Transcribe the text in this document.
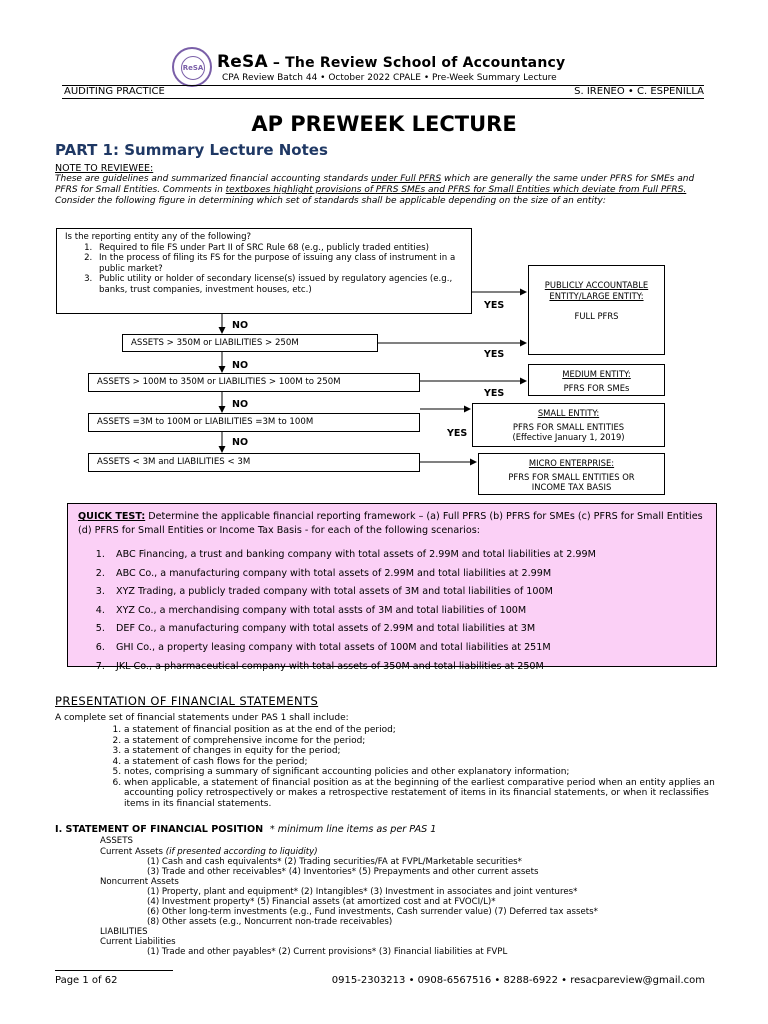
ReSA ReSA – The Review School of Accountancy
CPA Review Batch 44 • October 2022 CPALE • Pre-Week Summary Lecture
AUDITING PRACTICE	S. IRENEO • C. ESPENILLA
AP PREWEEK LECTURE
PART 1: Summary Lecture Notes
NOTE TO REVIEWEE:
These are guidelines and summarized financial accounting standards under Full PFRS which are generally the same under PFRS for SMEs and PFRS for Small Entities. Comments in textboxes highlight provisions of PFRS SMEs and PFRS for Small Entities which deviate from Full PFRS. Consider the following figure in determining which set of standards shall be applicable depending on the size of an entity:
Is the reporting entity any of the following?
1. Required to file FS under Part II of SRC Rule 68 (e.g., publicly traded entities)
2. In the process of filing its FS for the purpose of issuing any class of instrument in a public market?
3. Public utility or holder of secondary license(s) issued by regulatory agencies (e.g., banks, trust companies, investment houses, etc.)
ASSETS > 350M or LIABILITIES > 250M
ASSETS > 100M to 350M or LIABILITIES > 100M to 250M
ASSETS =3M to 100M or LIABILITIES =3M to 100M
ASSETS < 3M and LIABILITIES < 3M
NO
NO
NO
NO
YES
YES
YES
YES
PUBLICLY ACCOUNTABLE ENTITY/LARGE ENTITY:
FULL PFRS
MEDIUM ENTITY:
PFRS FOR SMEs
SMALL ENTITY:
PFRS FOR SMALL ENTITIES
(Effective January 1, 2019)
MICRO ENTERPRISE:
PFRS FOR SMALL ENTITIES OR INCOME TAX BASIS
QUICK TEST: Determine the applicable financial reporting framework – (a) Full PFRS (b) PFRS for SMEs (c) PFRS for Small Entities (d) PFRS for Small Entities or Income Tax Basis - for each of the following scenarios:
1. ABC Financing, a trust and banking company with total assets of 2.99M and total liabilities at 2.99M
2. ABC Co., a manufacturing company with total assets of 2.99M and total liabilities at 2.99M
3. XYZ Trading, a publicly traded company with total assets of 3M and total liabilities of 100M
4. XYZ Co., a merchandising company with total assts of 3M and total liabilities of 100M
5. DEF Co., a manufacturing company with total assets of 2.99M and total liabilities at 3M
6. GHI Co., a property leasing company with total assets of 100M and total liabilities at 251M
7. JKL Co., a pharmaceutical company with total assets of 350M and total liabilities at 250M
PRESENTATION OF FINANCIAL STATEMENTS
A complete set of financial statements under PAS 1 shall include:
1. a statement of financial position as at the end of the period;
2. a statement of comprehensive income for the period;
3. a statement of changes in equity for the period;
4. a statement of cash flows for the period;
5. notes, comprising a summary of significant accounting policies and other explanatory information;
6. when applicable, a statement of financial position as at the beginning of the earliest comparative period when an entity applies an accounting policy retrospectively or makes a retrospective restatement of items in its financial statements, or when it reclassifies items in its financial statements.
I. STATEMENT OF FINANCIAL POSITION * minimum line items as per PAS 1
ASSETS
Current Assets (if presented according to liquidity)
(1) Cash and cash equivalents* (2) Trading securities/FA at FVPL/Marketable securities*
(3) Trade and other receivables* (4) Inventories* (5) Prepayments and other current assets
Noncurrent Assets
(1) Property, plant and equipment* (2) Intangibles* (3) Investment in associates and joint ventures*
(4) Investment property* (5) Financial assets (at amortized cost and at FVOCI/L)*
(6) Other long-term investments (e.g., Fund investments, Cash surrender value) (7) Deferred tax assets*
(8) Other assets (e.g., Noncurrent non-trade receivables)
LIABILITIES
Current Liabilities
(1) Trade and other payables* (2) Current provisions* (3) Financial liabilities at FVPL
Page 1 of 62	0915-2303213 • 0908-6567516 • 8288-6922 • resacpareview@gmail.com
